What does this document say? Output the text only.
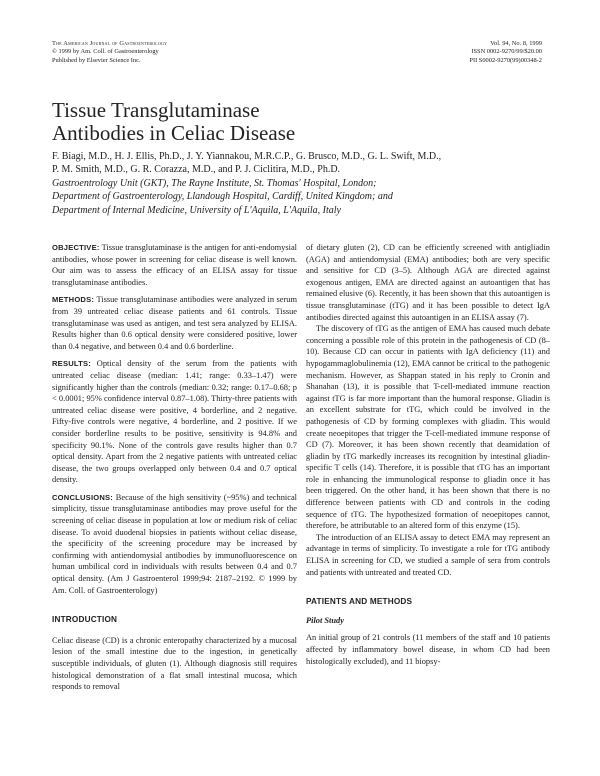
The American Journal of Gastroenterology
© 1999 by Am. Coll. of Gastroenterology
Published by Elsevier Science Inc.
Vol. 94, No. 8, 1999
ISSN 0002-9270/99/$20.00
PII S0002-9270(99)00348-2
Tissue Transglutaminase
Antibodies in Celiac Disease
F. Biagi, M.D., H. J. Ellis, Ph.D., J. Y. Yiannakou, M.R.C.P., G. Brusco, M.D., G. L. Swift, M.D.,
P. M. Smith, M.D., G. R. Corazza, M.D., and P. J. Ciclitira, M.D., Ph.D.
Gastroentrology Unit (GKT), The Rayne Institute, St. Thomas' Hospital, London;
Department of Gastroenterology, Llandough Hospital, Cardiff, United Kingdom; and
Department of Internal Medicine, University of L'Aquila, L'Aquila, Italy

OBJECTIVE: Tissue transglutaminase is the antigen for anti-endomysial antibodies, whose power in screening for celiac disease is well known. Our aim was to assess the efficacy of an ELISA assay for tissue transglutaminase antibodies.

METHODS: Tissue transglutaminase antibodies were analyzed in serum from 39 untreated celiac disease patients and 61 controls. Tissue transglutaminase was used as antigen, and test sera analyzed by ELISA. Results higher than 0.6 optical density were considered positive, lower than 0.4 negative, and between 0.4 and 0.6 borderline.

RESULTS: Optical density of the serum from the patients with untreated celiac disease (median: 1.41; range: 0.33–1.47) were significantly higher than the controls (median: 0.32; range: 0.17–0.68; p < 0.0001; 95% confidence interval 0.87–1.08). Thirty-three patients with untreated celiac disease were positive, 4 borderline, and 2 negative. Fifty-five controls were negative, 4 borderline, and 2 positive. If we consider borderline results to be positive, sensitivity is 94.8% and specificity 90.1%. None of the controls gave results higher than 0.7 optical density. Apart from the 2 negative patients with untreated celiac disease, the two groups overlapped only between 0.4 and 0.7 optical density.

CONCLUSIONS: Because of the high sensitivity (~95%) and technical simplicity, tissue transglutaminase antibodies may prove useful for the screening of celiac disease in population at low or medium risk of celiac disease. To avoid duodenal biopsies in patients without celiac disease, the specificity of the screening procedure may be increased by confirming with antiendomysial antibodies by immunofluorescence on human umbilical cord in individuals with results between 0.4 and 0.7 optical density. (Am J Gastroenterol 1999;94: 2187–2192. © 1999 by Am. Coll. of Gastroenterology)

INTRODUCTION

Celiac disease (CD) is a chronic enteropathy characterized by a mucosal lesion of the small intestine due to the ingestion, in genetically susceptible individuals, of gluten (1). Although diagnosis still requires histological demonstration of a flat small intestinal mucosa, which responds to removal

of dietary gluten (2), CD can be efficiently screened with antigliadin (AGA) and antiendomysial (EMA) antibodies; both are very specific and sensitive for CD (3–5). Although AGA are directed against exogenous antigen, EMA are directed against an autoantigen that has remained elusive (6). Recently, it has been shown that this autoantigen is tissue transglutaminase (tTG) and it has been possible to detect IgA antibodies directed against this autoantigen in an ELISA assay (7).

The discovery of tTG as the antigen of EMA has caused much debate concerning a possible role of this protein in the pathogenesis of CD (8–10). Because CD can occur in patients with IgA deficiency (11) and hypogammaglobulinemia (12), EMA cannot be critical to the pathogenic mechanism. However, as Shappan stated in his reply to Cronin and Shanahan (13), it is possible that T-cell-mediated immune reaction against tTG is far more important than the humoral response. Gliadin is an excellent substrate for tTG, which could be involved in the pathogenesis of CD by forming complexes with gliadin. This would create neoepitopes that trigger the T-cell-mediated immune response of CD (7). Moreover, it has been shown recently that deamidation of gliadin by tTG markedly increases its recognition by intestinal gliadin-specific T cells (14). Therefore, it is possible that tTG has an important role in enhancing the immunological response to gliadin once it has been triggered. On the other hand, it has been shown that there is no difference between patients with CD and controls in the coding sequence of tTG. The hypothesized formation of neoepitopes cannot, therefore, be attributable to an altered form of this enzyme (15).

The introduction of an ELISA assay to detect EMA may represent an advantage in terms of simplicity. To investigate a role for tTG antibody ELISA in screening for CD, we studied a sample of sera from controls and patients with untreated and treated CD.

PATIENTS AND METHODS

Pilot Study

An initial group of 21 controls (11 members of the staff and 10 patients affected by inflammatory bowel disease, in whom CD had been histologically excluded), and 11 biopsy-
